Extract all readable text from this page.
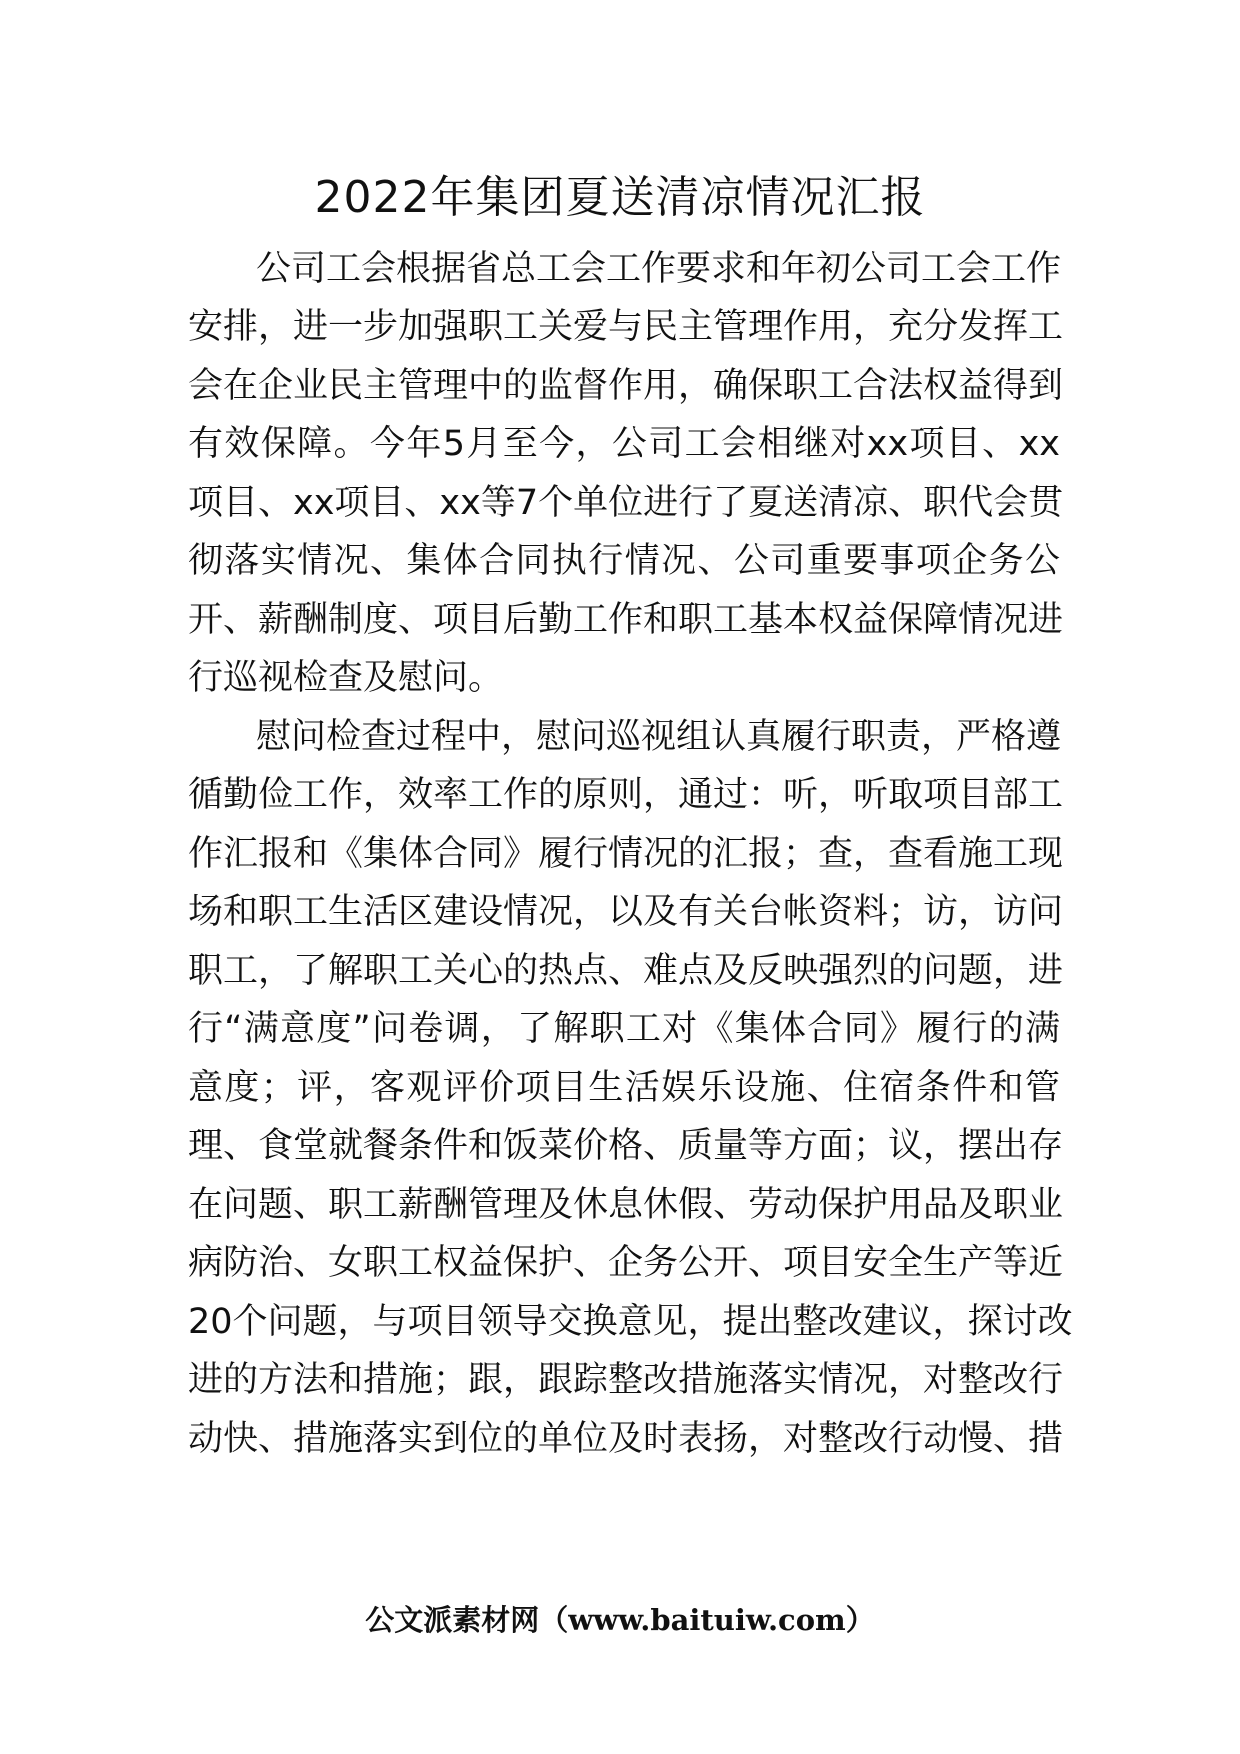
2022年集团夏送清凉情况汇报
公司工会根据省总工会工作要求和年初公司工会工作
安排，进一步加强职工关爱与民主管理作用，充分发挥工
会在企业民主管理中的监督作用，确保职工合法权益得到
有效保障。今年5月至今，公司工会相继对xx项目、xx
项目、xx项目、xx等7个单位进行了夏送清凉、职代会贯
彻落实情况、集体合同执行情况、公司重要事项企务公
开、薪酬制度、项目后勤工作和职工基本权益保障情况进
行巡视检查及慰问。
慰问检查过程中，慰问巡视组认真履行职责，严格遵
循勤俭工作，效率工作的原则，通过：听，听取项目部工
作汇报和《集体合同》履行情况的汇报；查，查看施工现
场和职工生活区建设情况，以及有关台帐资料；访，访问
职工，了解职工关心的热点、难点及反映强烈的问题，进
行“满意度”问卷调，了解职工对《集体合同》履行的满
意度；评，客观评价项目生活娱乐设施、住宿条件和管
理、食堂就餐条件和饭菜价格、质量等方面；议，摆出存
在问题、职工薪酬管理及休息休假、劳动保护用品及职业
病防治、女职工权益保护、企务公开、项目安全生产等近
20个问题，与项目领导交换意见，提出整改建议，探讨改
进的方法和措施；跟，跟踪整改措施落实情况，对整改行
动快、措施落实到位的单位及时表扬，对整改行动慢、措
公文派素材网（www.baituiw.com）
